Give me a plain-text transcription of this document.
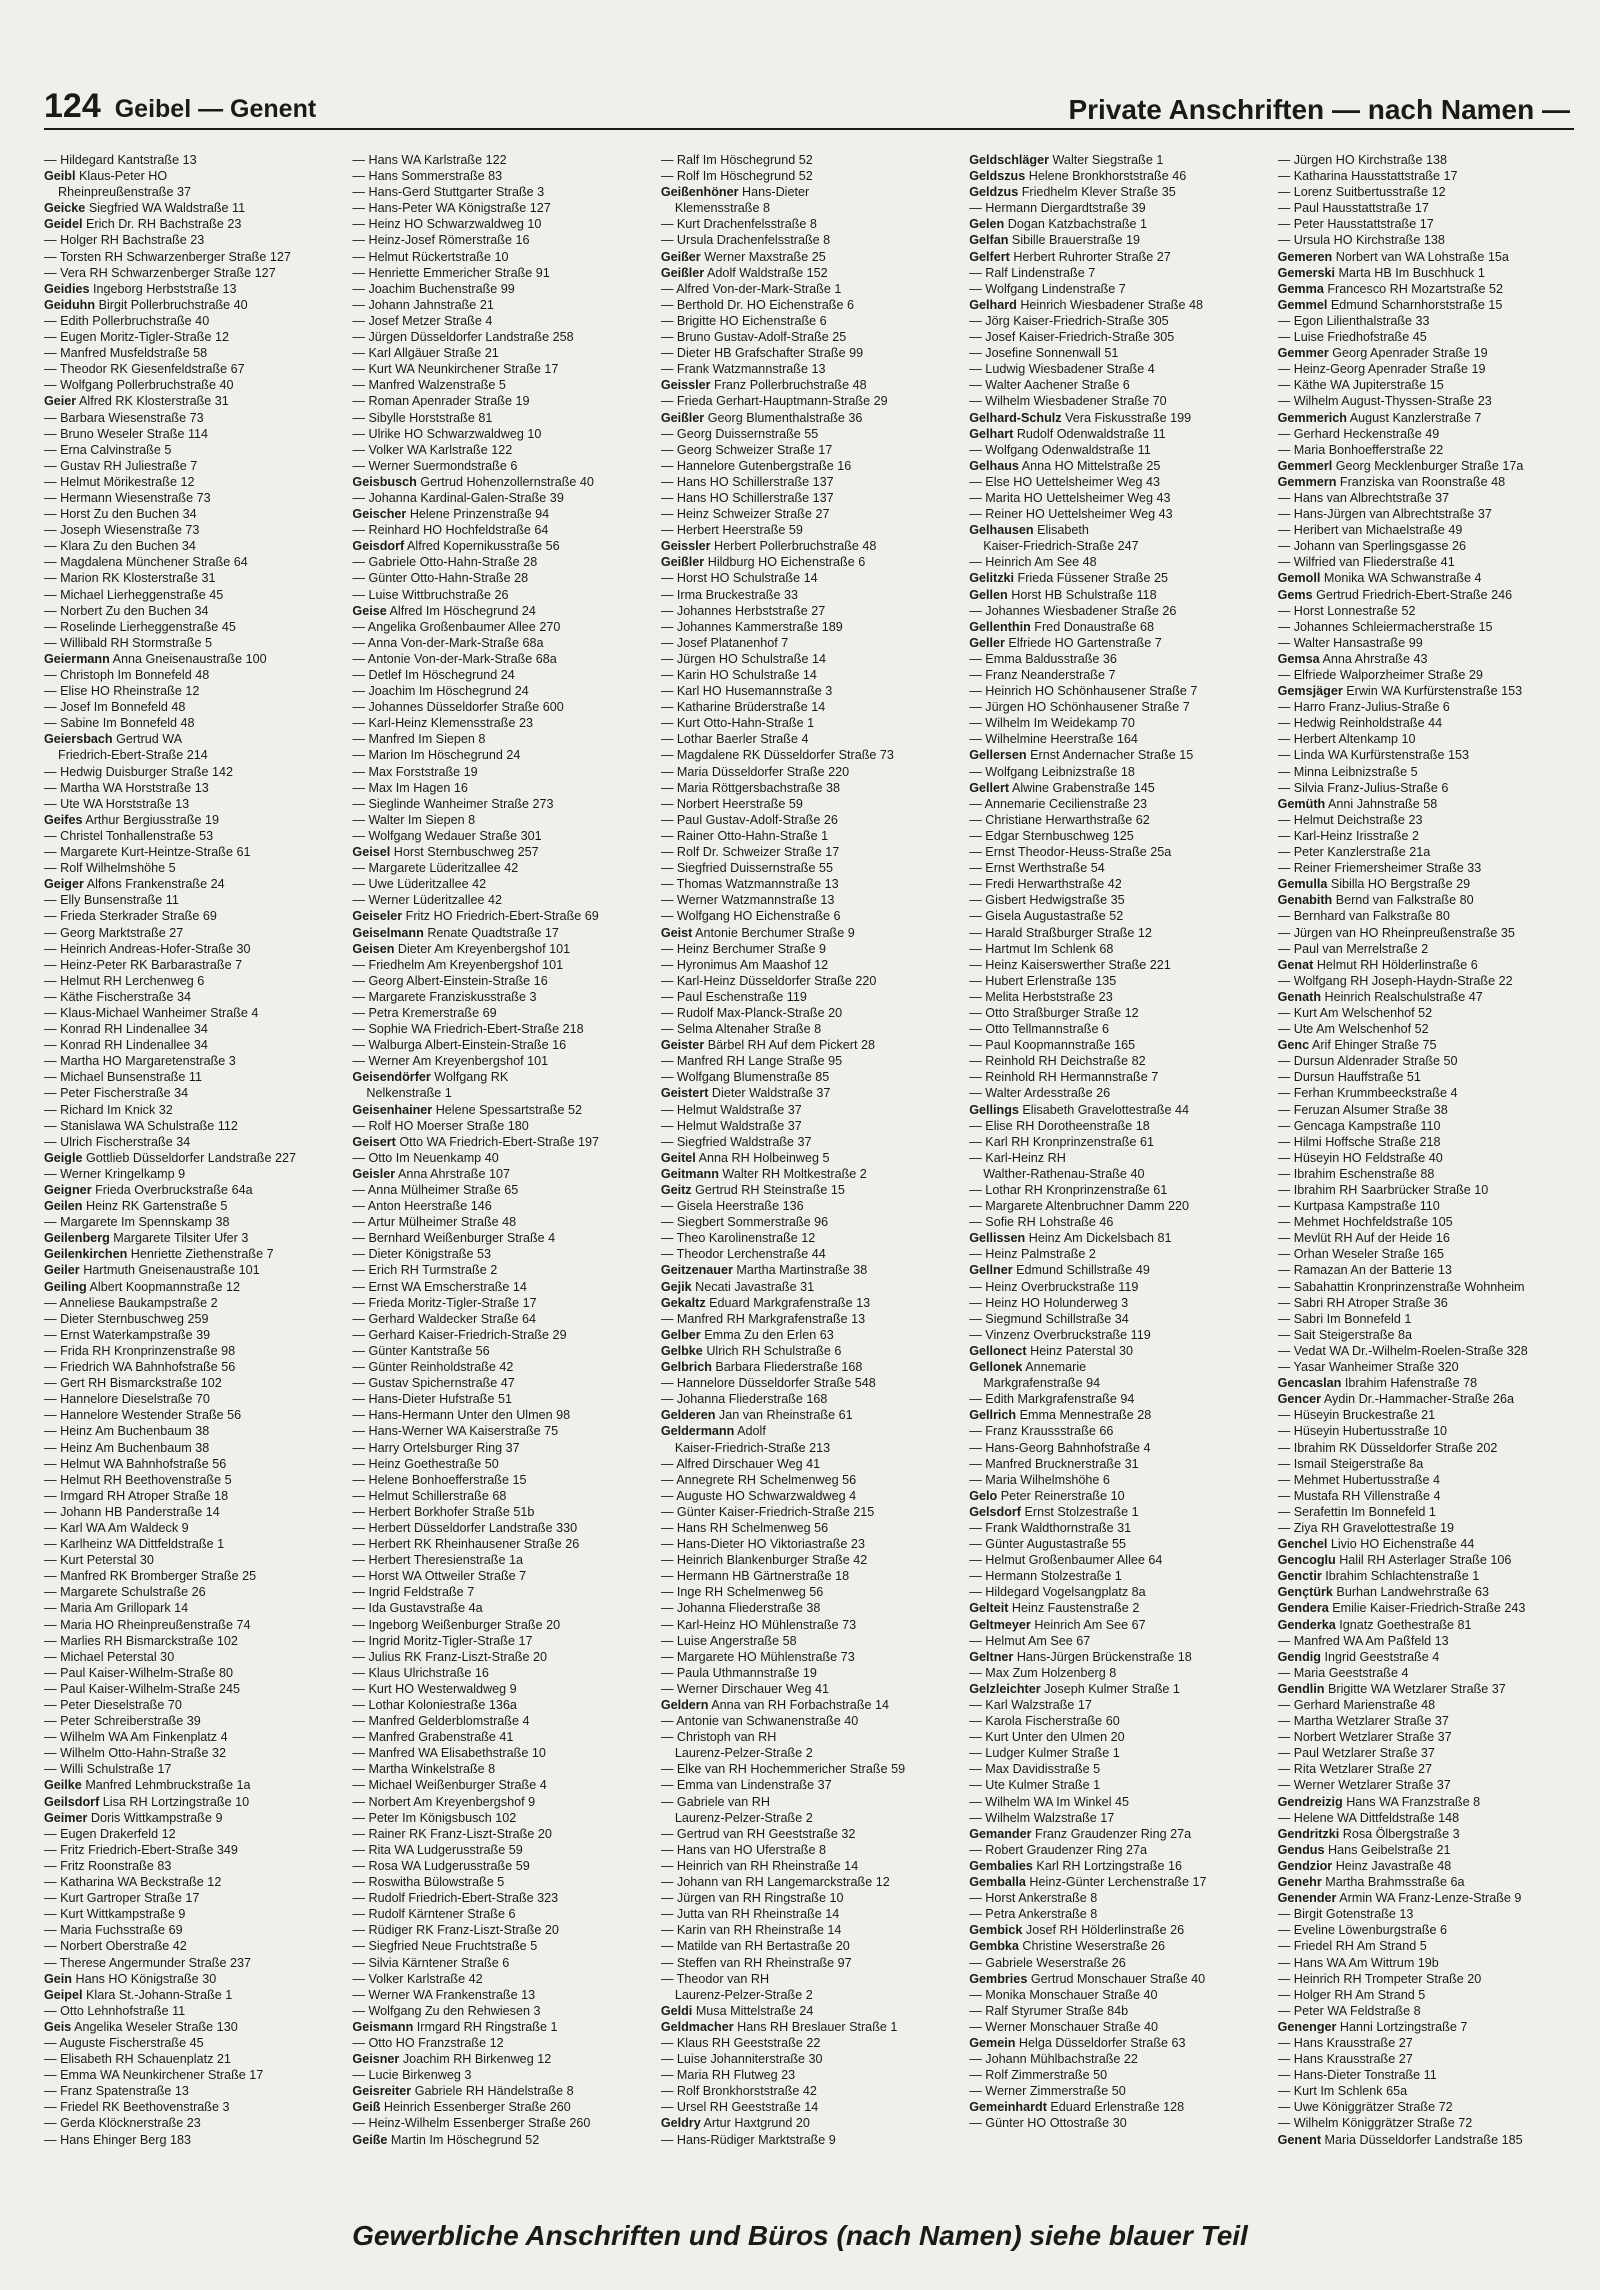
124 Geibel — Genent	Private Anschriften — nach Namen —
— Hildegard Kantstraße 13
Geibl Klaus-Peter HO
Rheinpreußenstraße 37
Geicke Siegfried WA Waldstraße 11
Geidel Erich Dr. RH Bachstraße 23
— Holger RH Bachstraße 23
— Torsten RH Schwarzenberger Straße 127
— Vera RH Schwarzenberger Straße 127
Geidies Ingeborg Herbststraße 13
Geiduhn Birgit Pollerbruchstraße 40
— Edith Pollerbruchstraße 40
— Eugen Moritz-Tigler-Straße 12
— Manfred Musfeldstraße 58
— Theodor RK Giesenfeldstraße 67
— Wolfgang Pollerbruchstraße 40
Geier Alfred RK Klosterstraße 31
— Barbara Wiesenstraße 73
— Bruno Weseler Straße 114
— Erna Calvinstraße 5
— Gustav RH Juliestraße 7
— Helmut Mörikestraße 12
— Hermann Wiesenstraße 73
— Horst Zu den Buchen 34
— Joseph Wiesenstraße 73
— Klara Zu den Buchen 34
— Magdalena Münchener Straße 64
— Marion RK Klosterstraße 31
— Michael Lierheggenstraße 45
— Norbert Zu den Buchen 34
— Roselinde Lierheggenstraße 45
— Willibald RH Stormstraße 5
Geiermann Anna Gneisenaustraße 100
— Christoph Im Bonnefeld 48
— Elise HO Rheinstraße 12
— Josef Im Bonnefeld 48
— Sabine Im Bonnefeld 48
Geiersbach Gertrud WA
Friedrich-Ebert-Straße 214
— Hedwig Duisburger Straße 142
— Martha WA Horststraße 13
— Ute WA Horststraße 13
Geifes Arthur Bergiusstraße 19
— Christel Tonhallenstraße 53
— Margarete Kurt-Heintze-Straße 61
— Rolf Wilhelmshöhe 5
Geiger Alfons Frankenstraße 24
— Elly Bunsenstraße 11
— Frieda Sterkrader Straße 69
— Georg Marktstraße 27
— Heinrich Andreas-Hofer-Straße 30
— Heinz-Peter RK Barbarastraße 7
— Helmut RH Lerchenweg 6
— Käthe Fischerstraße 34
— Klaus-Michael Wanheimer Straße 4
— Konrad RH Lindenallee 34
— Konrad RH Lindenallee 34
— Martha HO Margaretenstraße 3
— Michael Bunsenstraße 11
— Peter Fischerstraße 34
— Richard Im Knick 32
— Stanislawa WA Schulstraße 112
— Ulrich Fischerstraße 34
Geigle Gottlieb Düsseldorfer Landstraße 227
— Werner Kringelkamp 9
Geigner Frieda Overbruckstraße 64a
Geilen Heinz RK Gartenstraße 5
— Margarete Im Spennskamp 38
Geilenberg Margarete Tilsiter Ufer 3
Geilenkirchen Henriette Ziethenstraße 7
Geiler Hartmuth Gneisenaustraße 101
Geiling Albert Koopmannstraße 12
— Anneliese Baukampstraße 2
— Dieter Sternbuschweg 259
— Ernst Waterkampstraße 39
— Frida RH Kronprinzenstraße 98
— Friedrich WA Bahnhofstraße 56
— Gert RH Bismarckstraße 102
— Hannelore Dieselstraße 70
— Hannelore Westender Straße 56
— Heinz Am Buchenbaum 38
— Heinz Am Buchenbaum 38
— Helmut WA Bahnhofstraße 56
— Helmut RH Beethovenstraße 5
— Irmgard RH Atroper Straße 18
— Johann HB Panderstraße 14
— Karl WA Am Waldeck 9
— Karlheinz WA Dittfeldstraße 1
— Kurt Peterstal 30
— Manfred RK Bromberger Straße 25
— Margarete Schulstraße 26
— Maria Am Grillopark 14
— Maria HO Rheinpreußenstraße 74
— Marlies RH Bismarckstraße 102
— Michael Peterstal 30
— Paul Kaiser-Wilhelm-Straße 80
— Paul Kaiser-Wilhelm-Straße 245
— Peter Dieselstraße 70
— Peter Schreiberstraße 39
— Wilhelm WA Am Finkenplatz 4
— Wilhelm Otto-Hahn-Straße 32
— Willi Schulstraße 17
Geilke Manfred Lehmbruckstraße 1a
Geilsdorf Lisa RH Lortzingstraße 10
Geimer Doris Wittkampstraße 9
— Eugen Drakerfeld 12
— Fritz Friedrich-Ebert-Straße 349
— Fritz Roonstraße 83
— Katharina WA Beckstraße 12
— Kurt Gartroper Straße 17
— Kurt Wittkampstraße 9
— Maria Fuchsstraße 69
— Norbert Oberstraße 42
— Therese Angermunder Straße 237
Gein Hans HO Königstraße 30
Geipel Klara St.-Johann-Straße 1
— Otto Lehnhofstraße 11
Geis Angelika Weseler Straße 130
— Auguste Fischerstraße 45
— Elisabeth RH Schauenplatz 21
— Emma WA Neunkirchener Straße 17
— Franz Spatenstraße 13
— Friedel RK Beethovenstraße 3
— Gerda Klöcknerstraße 23
— Hans Ehinger Berg 183
— Hans WA Karlstraße 122
— Hans Sommerstraße 83
— Hans-Gerd Stuttgarter Straße 3
— Hans-Peter WA Königstraße 127
— Heinz HO Schwarzwaldweg 10
— Heinz-Josef Römerstraße 16
— Helmut Rückertstraße 10
— Henriette Emmericher Straße 91
— Joachim Buchenstraße 99
— Johann Jahnstraße 21
— Josef Metzer Straße 4
— Jürgen Düsseldorfer Landstraße 258
— Karl Allgäuer Straße 21
— Kurt WA Neunkirchener Straße 17
— Manfred Walzenstraße 5
— Roman Apenrader Straße 19
— Sibylle Horststraße 81
— Ulrike HO Schwarzwaldweg 10
— Volker WA Karlstraße 122
— Werner Suermondstraße 6
Geisbusch Gertrud Hohenzollernstraße 40
— Johanna Kardinal-Galen-Straße 39
Geischer Helene Prinzenstraße 94
— Reinhard HO Hochfeldstraße 64
Geisdorf Alfred Kopernikusstraße 56
— Gabriele Otto-Hahn-Straße 28
— Günter Otto-Hahn-Straße 28
— Luise Wittbruchstraße 26
Geise Alfred Im Höschegrund 24
— Angelika Großenbaumer Allee 270
— Anna Von-der-Mark-Straße 68a
— Antonie Von-der-Mark-Straße 68a
— Detlef Im Höschegrund 24
— Joachim Im Höschegrund 24
— Johannes Düsseldorfer Straße 600
— Karl-Heinz Klemensstraße 23
— Manfred Im Siepen 8
— Marion Im Höschegrund 24
— Max Forststraße 19
— Max Im Hagen 16
— Sieglinde Wanheimer Straße 273
— Walter Im Siepen 8
— Wolfgang Wedauer Straße 301
Geisel Horst Sternbuschweg 257
— Margarete Lüderitzallee 42
— Uwe Lüderitzallee 42
— Werner Lüderitzallee 42
Geiseler Fritz HO Friedrich-Ebert-Straße 69
Geiselmann Renate Quadtstraße 17
Geisen Dieter Am Kreyenbergshof 101
— Friedhelm Am Kreyenbergshof 101
— Georg Albert-Einstein-Straße 16
— Margarete Franziskusstraße 3
— Petra Kremerstraße 69
— Sophie WA Friedrich-Ebert-Straße 218
— Walburga Albert-Einstein-Straße 16
— Werner Am Kreyenbergshof 101
Geisendörfer Wolfgang RK
Nelkenstraße 1
Geisenhainer Helene Spessartstraße 52
— Rolf HO Moerser Straße 180
Geisert Otto WA Friedrich-Ebert-Straße 197
— Otto Im Neuenkamp 40
Geisler Anna Ahrstraße 107
— Anna Mülheimer Straße 65
— Anton Heerstraße 146
— Artur Mülheimer Straße 48
— Bernhard Weißenburger Straße 4
— Dieter Königstraße 53
— Erich RH Turmstraße 2
— Ernst WA Emscherstraße 14
— Frieda Moritz-Tigler-Straße 17
— Gerhard Waldecker Straße 64
— Gerhard Kaiser-Friedrich-Straße 29
— Günter Kantstraße 56
— Günter Reinholdstraße 42
— Gustav Spichernstraße 47
— Hans-Dieter Hufstraße 51
— Hans-Hermann Unter den Ulmen 98
— Hans-Werner WA Kaiserstraße 75
— Harry Ortelsburger Ring 37
— Heinz Goethestraße 50
— Helene Bonhoefferstraße 15
— Helmut Schillerstraße 68
— Herbert Borkhofer Straße 51b
— Herbert Düsseldorfer Landstraße 330
— Herbert RK Rheinhausener Straße 26
— Herbert Theresienstraße 1a
— Horst WA Ottweiler Straße 7
— Ingrid Feldstraße 7
— Ida Gustavstraße 4a
— Ingeborg Weißenburger Straße 20
— Ingrid Moritz-Tigler-Straße 17
— Julius RK Franz-Liszt-Straße 20
— Klaus Ulrichstraße 16
— Kurt HO Westerwaldweg 9
— Lothar Koloniestraße 136a
— Manfred Gelderblomstraße 4
— Manfred Grabenstraße 41
— Manfred WA Elisabethstraße 10
— Martha Winkelstraße 8
— Michael Weißenburger Straße 4
— Norbert Am Kreyenbergshof 9
— Peter Im Königsbusch 102
— Rainer RK Franz-Liszt-Straße 20
— Rita WA Ludgerusstraße 59
— Rosa WA Ludgerusstraße 59
— Roswitha Bülowstraße 5
— Rudolf Friedrich-Ebert-Straße 323
— Rudolf Kärntener Straße 6
— Rüdiger RK Franz-Liszt-Straße 20
— Siegfried Neue Fruchtstraße 5
— Silvia Kärntener Straße 6
— Volker Karlstraße 42
— Werner WA Frankenstraße 13
— Wolfgang Zu den Rehwiesen 3
Geismann Irmgard RH Ringstraße 1
— Otto HO Franzstraße 12
Geisner Joachim RH Birkenweg 12
— Lucie Birkenweg 3
Geisreiter Gabriele RH Händelstraße 8
Geiß Heinrich Essenberger Straße 260
— Heinz-Wilhelm Essenberger Straße 260
Geiße Martin Im Höschegrund 52
— Ralf Im Höschegrund 52
— Rolf Im Höschegrund 52
Geißenhöner Hans-Dieter
Klemensstraße 8
— Kurt Drachenfelsstraße 8
— Ursula Drachenfelsstraße 8
Geißer Werner Maxstraße 25
Geißler Adolf Waldstraße 152
— Alfred Von-der-Mark-Straße 1
— Berthold Dr. HO Eichenstraße 6
— Brigitte HO Eichenstraße 6
— Bruno Gustav-Adolf-Straße 25
— Dieter HB Grafschafter Straße 99
— Frank Watzmannstraße 13
Geissler Franz Pollerbruchstraße 48
— Frieda Gerhart-Hauptmann-Straße 29
Geißler Georg Blumenthalstraße 36
— Georg Duissernstraße 55
— Georg Schweizer Straße 17
— Hannelore Gutenbergstraße 16
— Hans HO Schillerstraße 137
— Hans HO Schillerstraße 137
— Heinz Schweizer Straße 27
— Herbert Heerstraße 59
Geissler Herbert Pollerbruchstraße 48
Geißler Hildburg HO Eichenstraße 6
— Horst HO Schulstraße 14
— Irma Bruckestraße 33
— Johannes Herbststraße 27
— Johannes Kammerstraße 189
— Josef Platanenhof 7
— Jürgen HO Schulstraße 14
— Karin HO Schulstraße 14
— Karl HO Husemannstraße 3
— Katharine Brüderstraße 14
— Kurt Otto-Hahn-Straße 1
— Lothar Baerler Straße 4
— Magdalene RK Düsseldorfer Straße 73
— Maria Düsseldorfer Straße 220
— Maria Röttgersbachstraße 38
— Norbert Heerstraße 59
— Paul Gustav-Adolf-Straße 26
— Rainer Otto-Hahn-Straße 1
— Rolf Dr. Schweizer Straße 17
— Siegfried Duissernstraße 55
— Thomas Watzmannstraße 13
— Werner Watzmannstraße 13
— Wolfgang HO Eichenstraße 6
Geist Antonie Berchumer Straße 9
— Heinz Berchumer Straße 9
— Hyronimus Am Maashof 12
— Karl-Heinz Düsseldorfer Straße 220
— Paul Eschenstraße 119
— Rudolf Max-Planck-Straße 20
— Selma Altenaher Straße 8
Geister Bärbel RH Auf dem Pickert 28
— Manfred RH Lange Straße 95
— Wolfgang Blumenstraße 85
Geistert Dieter Waldstraße 37
— Helmut Waldstraße 37
— Helmut Waldstraße 37
— Siegfried Waldstraße 37
Geitel Anna RH Holbeinweg 5
Geitmann Walter RH Moltkestraße 2
Geitz Gertrud RH Steinstraße 15
— Gisela Heerstraße 136
— Siegbert Sommerstraße 96
— Theo Karolinenstraße 12
— Theodor Lerchenstraße 44
Geitzenauer Martha Martinstraße 38
Gejik Necati Javastraße 31
Gekaltz Eduard Markgrafenstraße 13
— Manfred RH Markgrafenstraße 13
Gelber Emma Zu den Erlen 63
Gelbke Ulrich RH Schulstraße 6
Gelbrich Barbara Fliederstraße 168
— Hannelore Düsseldorfer Straße 548
— Johanna Fliederstraße 168
Gelderen Jan van Rheinstraße 61
Geldermann Adolf
Kaiser-Friedrich-Straße 213
— Alfred Dirschauer Weg 41
— Annegrete RH Schelmenweg 56
— Auguste HO Schwarzwaldweg 4
— Günter Kaiser-Friedrich-Straße 215
— Hans RH Schelmenweg 56
— Hans-Dieter HO Viktoriastraße 23
— Heinrich Blankenburger Straße 42
— Hermann HB Gärtnerstraße 18
— Inge RH Schelmenweg 56
— Johanna Fliederstraße 38
— Karl-Heinz HO Mühlenstraße 73
— Luise Angerstraße 58
— Margarete HO Mühlenstraße 73
— Paula Uthmannstraße 19
— Werner Dirschauer Weg 41
Geldern Anna van RH Forbachstraße 14
— Antonie van Schwanenstraße 40
— Christoph van RH
Laurenz-Pelzer-Straße 2
— Elke van RH Hochemmericher Straße 59
— Emma van Lindenstraße 37
— Gabriele van RH
Laurenz-Pelzer-Straße 2
— Gertrud van RH Geeststraße 32
— Hans van HO Uferstraße 8
— Heinrich van RH Rheinstraße 14
— Johann van RH Langemarckstraße 12
— Jürgen van RH Ringstraße 10
— Jutta van RH Rheinstraße 14
— Karin van RH Rheinstraße 14
— Matilde van RH Bertastraße 20
— Steffen van RH Rheinstraße 97
— Theodor van RH
Laurenz-Pelzer-Straße 2
Geldi Musa Mittelstraße 24
Geldmacher Hans RH Breslauer Straße 1
— Klaus RH Geeststraße 22
— Luise Johanniterstraße 30
— Maria RH Flutweg 23
— Rolf Bronkhorststraße 42
— Ursel RH Geeststraße 14
Geldry Artur Haxtgrund 20
— Hans-Rüdiger Marktstraße 9
Geldschläger Walter Siegstraße 1
Geldszus Helene Bronkhorststraße 46
Geldzus Friedhelm Klever Straße 35
— Hermann Diergardtstraße 39
Gelen Dogan Katzbachstraße 1
Gelfan Sibille Brauerstraße 19
Gelfert Herbert Ruhrorter Straße 27
— Ralf Lindenstraße 7
— Wolfgang Lindenstraße 7
Gelhard Heinrich Wiesbadener Straße 48
— Jörg Kaiser-Friedrich-Straße 305
— Josef Kaiser-Friedrich-Straße 305
— Josefine Sonnenwall 51
— Ludwig Wiesbadener Straße 4
— Walter Aachener Straße 6
— Wilhelm Wiesbadener Straße 70
Gelhard-Schulz Vera Fiskusstraße 199
Gelhart Rudolf Odenwaldstraße 11
— Wolfgang Odenwaldstraße 11
Gelhaus Anna HO Mittelstraße 25
— Else HO Uettelsheimer Weg 43
— Marita HO Uettelsheimer Weg 43
— Reiner HO Uettelsheimer Weg 43
Gelhausen Elisabeth
Kaiser-Friedrich-Straße 247
— Heinrich Am See 48
Gelitzki Frieda Füssener Straße 25
Gellen Horst HB Schulstraße 118
— Johannes Wiesbadener Straße 26
Gellenthin Fred Donaustraße 68
Geller Elfriede HO Gartenstraße 7
— Emma Baldusstraße 36
— Franz Neanderstraße 7
— Heinrich HO Schönhausener Straße 7
— Jürgen HO Schönhausener Straße 7
— Wilhelm Im Weidekamp 70
— Wilhelmine Heerstraße 164
Gellersen Ernst Andernacher Straße 15
— Wolfgang Leibnizstraße 18
Gellert Alwine Grabenstraße 145
— Annemarie Cecilienstraße 23
— Christiane Herwarthstraße 62
— Edgar Sternbuschweg 125
— Ernst Theodor-Heuss-Straße 25a
— Ernst Werthstraße 54
— Fredi Herwarthstraße 42
— Gisbert Hedwigstraße 35
— Gisela Augustastraße 52
— Harald Straßburger Straße 12
— Hartmut Im Schlenk 68
— Heinz Kaiserswerther Straße 221
— Hubert Erlenstraße 135
— Melita Herbststraße 23
— Otto Straßburger Straße 12
— Otto Tellmannstraße 6
— Paul Koopmannstraße 165
— Reinhold RH Deichstraße 82
— Reinhold RH Hermannstraße 7
— Walter Ardesstraße 26
Gellings Elisabeth Gravelottestraße 44
— Elise RH Dorotheenstraße 18
— Karl RH Kronprinzenstraße 61
— Karl-Heinz RH
Walther-Rathenau-Straße 40
— Lothar RH Kronprinzenstraße 61
— Margarete Altenbruchner Damm 220
— Sofie RH Lohstraße 46
Gellissen Heinz Am Dickelsbach 81
— Heinz Palmstraße 2
Gellner Edmund Schillstraße 49
— Heinz Overbruckstraße 119
— Heinz HO Holunderweg 3
— Siegmund Schillstraße 34
— Vinzenz Overbruckstraße 119
Gellonect Heinz Paterstal 30
Gellonek Annemarie
Markgrafenstraße 94
— Edith Markgrafenstraße 94
Gellrich Emma Mennestraße 28
— Franz Kraussstraße 66
— Hans-Georg Bahnhofstraße 4
— Manfred Brucknerstraße 31
— Maria Wilhelmshöhe 6
Gelo Peter Reinerstraße 10
Gelsdorf Ernst Stolzestraße 1
— Frank Waldthornstraße 31
— Günter Augustastraße 55
— Helmut Großenbaumer Allee 64
— Hermann Stolzestraße 1
— Hildegard Vogelsangplatz 8a
Gelteit Heinz Faustenstraße 2
Geltmeyer Heinrich Am See 67
— Helmut Am See 67
Geltner Hans-Jürgen Brückenstraße 18
— Max Zum Holzenberg 8
Gelzleichter Joseph Kulmer Straße 1
— Karl Walzstraße 17
— Karola Fischerstraße 60
— Kurt Unter den Ulmen 20
— Ludger Kulmer Straße 1
— Max Davidisstraße 5
— Ute Kulmer Straße 1
— Wilhelm WA Im Winkel 45
— Wilhelm Walzstraße 17
Gemander Franz Graudenzer Ring 27a
— Robert Graudenzer Ring 27a
Gembalies Karl RH Lortzingstraße 16
Gemballa Heinz-Günter Lerchenstraße 17
— Horst Ankerstraße 8
— Petra Ankerstraße 8
Gembick Josef RH Hölderlinstraße 26
Gembka Christine Weserstraße 26
— Gabriele Weserstraße 26
Gembries Gertrud Monschauer Straße 40
— Monika Monschauer Straße 40
— Ralf Styrumer Straße 84b
— Werner Monschauer Straße 40
Gemein Helga Düsseldorfer Straße 63
— Johann Mühlbachstraße 22
— Rolf Zimmerstraße 50
— Werner Zimmerstraße 50
Gemeinhardt Eduard Erlenstraße 128
— Günter HO Ottostraße 30
— Jürgen HO Kirchstraße 138
— Katharina Hausstattstraße 17
— Lorenz Suitbertusstraße 12
— Paul Hausstattstraße 17
— Peter Hausstattstraße 17
— Ursula HO Kirchstraße 138
Gemeren Norbert van WA Lohstraße 15a
Gemerski Marta HB Im Buschhuck 1
Gemma Francesco RH Mozartstraße 52
Gemmel Edmund Scharnhorststraße 15
— Egon Lilienthalstraße 33
— Luise Friedhofstraße 45
Gemmer Georg Apenrader Straße 19
— Heinz-Georg Apenrader Straße 19
— Käthe WA Jupiterstraße 15
— Wilhelm August-Thyssen-Straße 23
Gemmerich August Kanzlerstraße 7
— Gerhard Heckenstraße 49
— Maria Bonhoefferstraße 22
Gemmerl Georg Mecklenburger Straße 17a
Gemmern Franziska van Roonstraße 48
— Hans van Albrechtstraße 37
— Hans-Jürgen van Albrechtstraße 37
— Heribert van Michaelstraße 49
— Johann van Sperlingsgasse 26
— Wilfried van Fliederstraße 41
Gemoll Monika WA Schwanstraße 4
Gems Gertrud Friedrich-Ebert-Straße 246
— Horst Lonnestraße 52
— Johannes Schleiermacherstraße 15
— Walter Hansastraße 99
Gemsa Anna Ahrstraße 43
— Elfriede Walporzheimer Straße 29
Gemsjäger Erwin WA Kurfürstenstraße 153
— Harro Franz-Julius-Straße 6
— Hedwig Reinholdstraße 44
— Herbert Altenkamp 10
— Linda WA Kurfürstenstraße 153
— Minna Leibnizstraße 5
— Silvia Franz-Julius-Straße 6
Gemüth Anni Jahnstraße 58
— Helmut Deichstraße 23
— Karl-Heinz Irisstraße 2
— Peter Kanzlerstraße 21a
— Reiner Friemersheimer Straße 33
Gemulla Sibilla HO Bergstraße 29
Genabith Bernd van Falkstraße 80
— Bernhard van Falkstraße 80
— Jürgen van HO Rheinpreußenstraße 35
— Paul van Merrelstraße 2
Genat Helmut RH Hölderlinstraße 6
— Wolfgang RH Joseph-Haydn-Straße 22
Genath Heinrich Realschulstraße 47
— Kurt Am Welschenhof 52
— Ute Am Welschenhof 52
Genc Arif Ehinger Straße 75
— Dursun Aldenrader Straße 50
— Dursun Hauffstraße 51
— Ferhan Krummbeeckstraße 4
— Feruzan Alsumer Straße 38
— Gencaga Kampstraße 110
— Hilmi Hoffsche Straße 218
— Hüseyin HO Feldstraße 40
— Ibrahim Eschenstraße 88
— Ibrahim RH Saarbrücker Straße 10
— Kurtpasa Kampstraße 110
— Mehmet Hochfeldstraße 105
— Mevlüt RH Auf der Heide 16
— Orhan Weseler Straße 165
— Ramazan An der Batterie 13
— Sabahattin Kronprinzenstraße Wohnheim
— Sabri RH Atroper Straße 36
— Sabri Im Bonnefeld 1
— Sait Steigerstraße 8a
— Vedat WA Dr.-Wilhelm-Roelen-Straße 328
— Yasar Wanheimer Straße 320
Gencaslan Ibrahim Hafenstraße 78
Gencer Aydin Dr.-Hammacher-Straße 26a
— Hüseyin Bruckestraße 21
— Hüseyin Hubertusstraße 10
— Ibrahim RK Düsseldorfer Straße 202
— Ismail Steigerstraße 8a
— Mehmet Hubertusstraße 4
— Mustafa RH Villenstraße 4
— Serafettin Im Bonnefeld 1
— Ziya RH Gravelottestraße 19
Genchel Livio HO Eichenstraße 44
Gencoglu Halil RH Asterlager Straße 106
Genctir Ibrahim Schlachtenstraße 1
Gençtürk Burhan Landwehrstraße 63
Gendera Emilie Kaiser-Friedrich-Straße 243
Genderka Ignatz Goethestraße 81
— Manfred WA Am Paßfeld 13
Gendig Ingrid Geeststraße 4
— Maria Geeststraße 4
Gendlin Brigitte WA Wetzlarer Straße 37
— Gerhard Marienstraße 48
— Martha Wetzlarer Straße 37
— Norbert Wetzlarer Straße 37
— Paul Wetzlarer Straße 37
— Rita Wetzlarer Straße 27
— Werner Wetzlarer Straße 37
Gendreizig Hans WA Franzstraße 8
— Helene WA Dittfeldstraße 148
Gendritzki Rosa Ölbergstraße 3
Gendus Hans Geibelstraße 21
Gendzior Heinz Javastraße 48
Genehr Martha Brahmsstraße 6a
Genender Armin WA Franz-Lenze-Straße 9
— Birgit Gotenstraße 13
— Eveline Löwenburgstraße 6
— Friedel RH Am Strand 5
— Hans WA Am Wittrum 19b
— Heinrich RH Trompeter Straße 20
— Holger RH Am Strand 5
— Peter WA Feldstraße 8
Genenger Hanni Lortzingstraße 7
— Hans Krausstraße 27
— Hans Krausstraße 27
— Hans-Dieter Tonstraße 11
— Kurt Im Schlenk 65a
— Uwe Königgrätzer Straße 72
— Wilhelm Königgrätzer Straße 72
Genent Maria Düsseldorfer Landstraße 185
Gewerbliche Anschriften und Büros (nach Namen) siehe blauer Teil
